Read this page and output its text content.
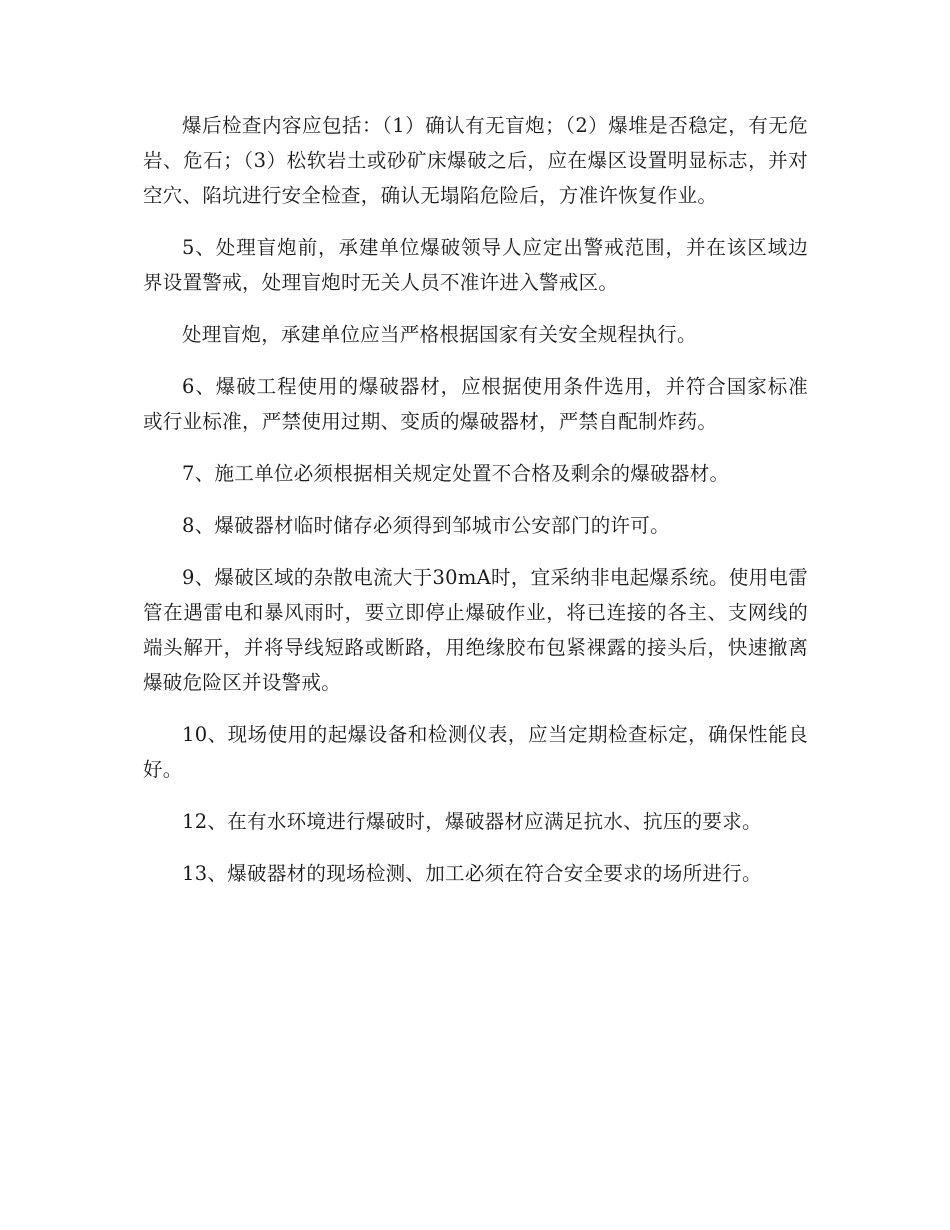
爆后检查内容应包括：（1）确认有无盲炮；（2）爆堆是否稳定，有无危岩、危石；（3）松软岩土或砂矿床爆破之后，应在爆区设置明显标志，并对空穴、陷坑进行安全检查，确认无塌陷危险后，方准许恢复作业。

5、处理盲炮前，承建单位爆破领导人应定出警戒范围，并在该区域边界设置警戒，处理盲炮时无关人员不准许进入警戒区。

处理盲炮，承建单位应当严格根据国家有关安全规程执行。

6、爆破工程使用的爆破器材，应根据使用条件选用，并符合国家标准或行业标准，严禁使用过期、变质的爆破器材，严禁自配制炸药。

7、施工单位必须根据相关规定处置不合格及剩余的爆破器材。

8、爆破器材临时储存必须得到邹城市公安部门的许可。

9、爆破区域的杂散电流大于30mA时，宜采纳非电起爆系统。使用电雷管在遇雷电和暴风雨时，要立即停止爆破作业，将已连接的各主、支网线的端头解开，并将导线短路或断路，用绝缘胶布包紧裸露的接头后，快速撤离爆破危险区并设警戒。

10、现场使用的起爆设备和检测仪表，应当定期检查标定，确保性能良好。

12、在有水环境进行爆破时，爆破器材应满足抗水、抗压的要求。

13、爆破器材的现场检测、加工必须在符合安全要求的场所进行。
